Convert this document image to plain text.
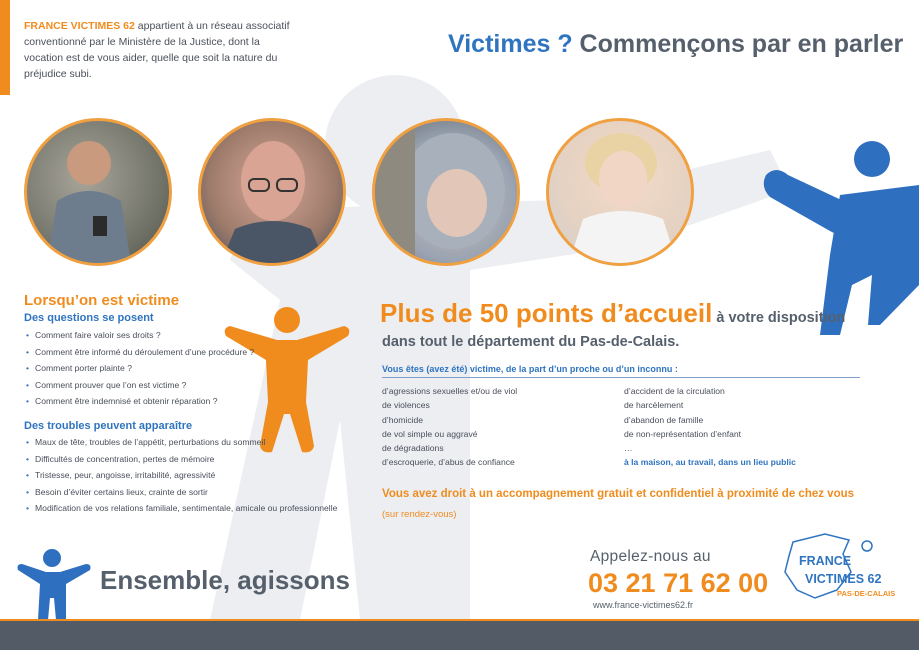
FRANCE VICTIMES 62 appartient à un réseau associatif conventionné par le Ministère de la Justice, dont la vocation est de vous aider, quelle que soit la nature du préjudice subi.
Victimes ? Commençons par en parler
Lorsqu’on est victime
Des questions se posent
• Comment faire valoir ses droits ?
• Comment être informé du déroulement d’une procédure ?
• Comment porter plainte ?
• Comment prouver que l’on est victime ?
• Comment être indemnisé et obtenir réparation ?
Des troubles peuvent apparaître
• Maux de tête, troubles de l’appétit, perturbations du sommeil
• Difficultés de concentration, pertes de mémoire
• Tristesse, peur, angoisse, irritabilité, agressivité
• Besoin d’éviter certains lieux, crainte de sortir
• Modification de vos relations familiale, sentimentale, amicale ou professionnelle
Plus de 50 points d’accueil à votre disposition
dans tout le département du Pas-de-Calais.
Vous êtes (avez été) victime, de la part d’un proche ou d’un inconnu :
d’agressions sexuelles et/ou de viol
de violences
d’homicide
de vol simple ou aggravé
de dégradations
d’escroquerie, d’abus de confiance
d’accident de la circulation
de harcèlement
d’abandon de famille
de non-représentation d’enfant
…
à la maison, au travail, dans un lieu public
Vous avez droit à un accompagnement gratuit et confidentiel à proximité de chez vous
(sur rendez-vous)
Ensemble, agissons
Appelez-nous au
03 21 71 62 00
www.france-victimes62.fr
FRANCE
VICTIMES 62
PAS-DE-CALAIS
